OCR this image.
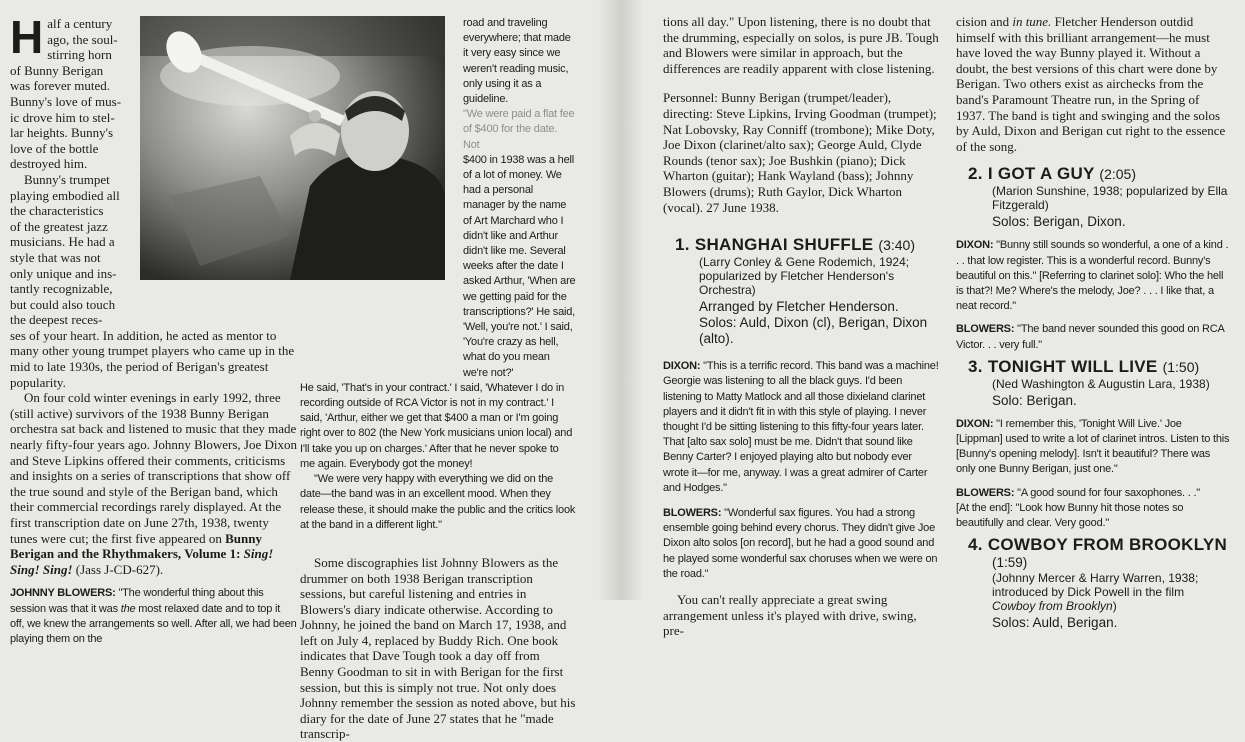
H alf a century
ago, the soul-
stirring horn
of Bunny Berigan
was forever muted.
Bunny's love of mus-
ic drove him to stel-
lar heights. Bunny's
love of the bottle
destroyed him.
Bunny's trumpet
playing embodied all
the characteristics
of the greatest jazz
musicians. He had a
style that was not
only unique and ins-
tantly recognizable,
but could also touch
the deepest reces-

ses of your heart. In addition, he acted as mentor to many other young trumpet players who came up in the mid to late 1930s, the period of Berigan's greatest popularity.

On four cold winter evenings in early 1992, three (still active) survivors of the 1938 Bunny Berigan orchestra sat back and listened to music that they made nearly fifty-four years ago. Johnny Blowers, Joe Dixon and Steve Lipkins offered their comments, criticisms and insights on a series of transcriptions that show off the true sound and style of the Berigan band, which their commercial recordings rarely displayed. At the first transcription date on June 27th, 1938, twenty tunes were cut; the first five appeared on Bunny Berigan and the Rhythmakers, Volume 1: Sing! Sing! Sing! (Jass J-CD-627).

JOHNNY BLOWERS: "The wonderful thing about this session was that it was the most relaxed date and to top it off, we knew the arrangements so well. After all, we had been playing them on the

road and traveling everywhere; that made it very easy since we weren't reading music, only using it as a guideline.

"We were paid a flat fee of $400 for the date. Not

$400 in 1938 was a hell of a lot of money. We had a personal manager by the name of Art Marchard who I didn't like and Arthur didn't like me. Several weeks after the date I asked Arthur, 'When are we getting paid for the transcriptions?' He said, 'Well, you're not.' I said, 'You're crazy as hell, what do you mean we're not?'

He said, 'That's in your contract.' I said, 'Whatever I do in recording outside of RCA Victor is not in my contract.' I said, 'Arthur, either we get that $400 a man or I'm going right over to 802 (the New York musicians union local) and I'll take you up on charges.' After that he never spoke to me again. Everybody got the money!

"We were very happy with everything we did on the date—the band was in an excellent mood. When they release these, it should make the public and the critics look at the band in a different light."

Some discographies list Johnny Blowers as the drummer on both 1938 Berigan transcription sessions, but careful listening and entries in Blowers's diary indicate otherwise. According to Johnny, he joined the band on March 17, 1938, and left on July 4, replaced by Buddy Rich. One book indicates that Dave Tough took a day off from Benny Goodman to sit in with Berigan for the first session, but this is simply not true. Not only does Johnny remember the session as noted above, but his diary for the date of June 27 states that he "made transcrip-

tions all day." Upon listening, there is no doubt that the drumming, especially on solos, is pure JB. Tough and Blowers were similar in approach, but the differences are readily apparent with close listening.

Personnel: Bunny Berigan (trumpet/leader), directing: Steve Lipkins, Irving Goodman (trumpet); Nat Lobovsky, Ray Conniff (trombone); Mike Doty, Joe Dixon (clarinet/alto sax); George Auld, Clyde Rounds (tenor sax); Joe Bushkin (piano); Dick Wharton (guitar); Hank Wayland (bass); Johnny Blowers (drums); Ruth Gaylor, Dick Wharton (vocal). 27 June 1938.

1. SHANGHAI SHUFFLE (3:40)

(Larry Conley & Gene Rodemich, 1924; popularized by Fletcher Henderson's Orchestra)

Arranged by Fletcher Henderson.

Solos: Auld, Dixon (cl), Berigan, Dixon (alto).

DIXON: "This is a terrific record. This band was a machine! Georgie was listening to all the black guys. I'd been listening to Matty Matlock and all those dixieland clarinet players and it didn't fit in with this style of playing. I never thought I'd be sitting listening to this fifty-four years later. That [alto sax solo] must be me. Didn't that sound like Benny Carter? I enjoyed playing alto but nobody ever wrote it—for me, anyway. I was a great admirer of Carter and Hodges."

BLOWERS: "Wonderful sax figures. You had a strong ensemble going behind every chorus. They didn't give Joe Dixon alto solos [on record], but he had a good sound and he played some wonderful sax choruses when we were on the road."

You can't really appreciate a great swing arrangement unless it's played with drive, swing, pre-

cision and in tune. Fletcher Henderson outdid himself with this brilliant arrangement—he must have loved the way Bunny played it. Without a doubt, the best versions of this chart were done by Berigan. Two others exist as airchecks from the band's Paramount Theatre run, in the Spring of 1937. The band is tight and swinging and the solos by Auld, Dixon and Berigan cut right to the essence of the song.

2. I GOT A GUY (2:05)

(Marion Sunshine, 1938; popularized by Ella Fitzgerald)

Solos: Berigan, Dixon.

DIXON: "Bunny still sounds so wonderful, a one of a kind . . . that low register. This is a wonderful record. Bunny's beautiful on this." [Referring to clarinet solo]: Who the hell is that?! Me? Where's the melody, Joe? . . . I like that, a neat record."

BLOWERS: "The band never sounded this good on RCA Victor. . . very full."

3. TONIGHT WILL LIVE (1:50)

(Ned Washington & Augustin Lara, 1938)

Solo: Berigan.

DIXON: "I remember this, 'Tonight Will Live.' Joe [Lippman] used to write a lot of clarinet intros. Listen to this [Bunny's opening melody]. Isn't it beautiful? There was only one Bunny Berigan, just one."

BLOWERS: "A good sound for four saxophones. . ."

[At the end]: "Look how Bunny hit those notes so beautifully and clear. Very good."

4. COWBOY FROM BROOKLYN

(1:59)

(Johnny Mercer & Harry Warren, 1938; introduced by Dick Powell in the film Cowboy from Brooklyn)

Solos: Auld, Berigan.
